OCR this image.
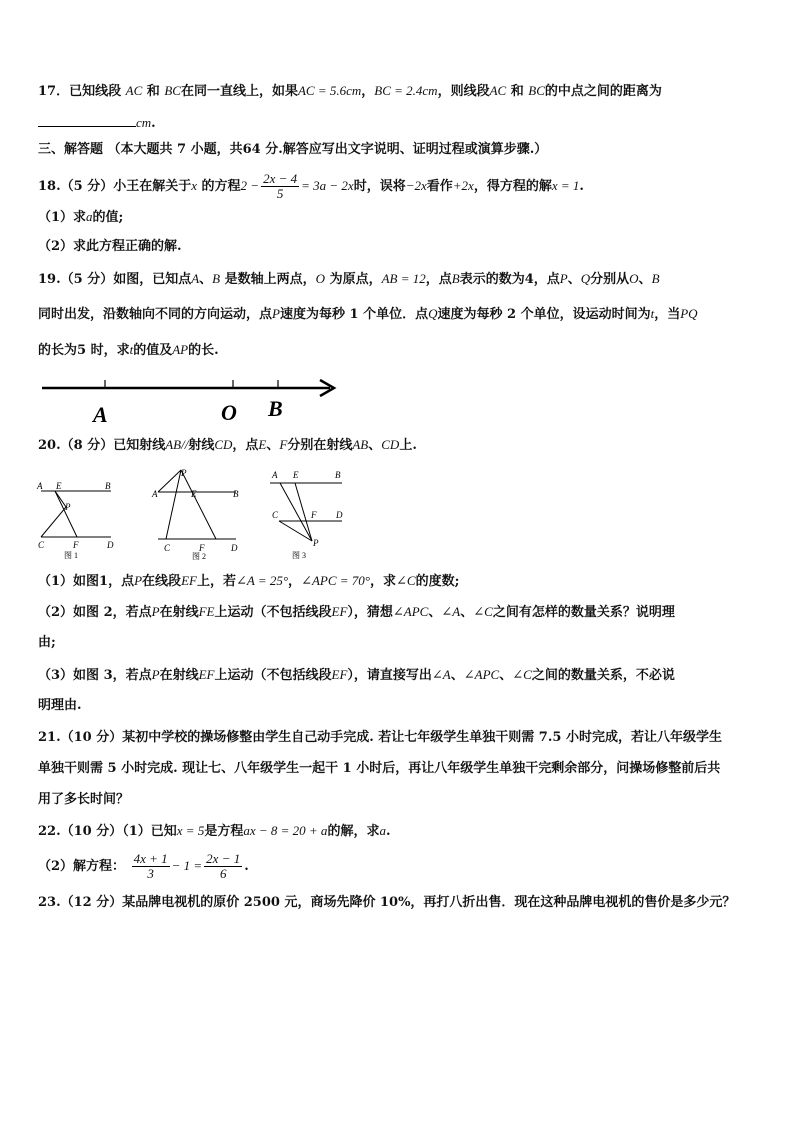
17．已知线段 AC 和 BC在同一直线上，如果AC = 5.6cm，BC = 2.4cm，则线段AC 和 BC的中点之间的距离为
cm.
三、解答题 （本大题共 7 小题，共64 分.解答应写出文字说明、证明过程或演算步骤.）
18.（5 分）小王在解关于x 的方程$2 - \frac{2x - 4}{5} = 3a - 2x$时，误将−2x看作+2x，得方程的解x = 1.
（1）求a的值;
（2）求此方程正确的解.
19.（5 分）如图，已知点A、B 是数轴上两点，O 为原点，AB = 12，点B表示的数为4，点P、Q分别从O、B
同时出发，沿数轴向不同的方向运动，点P速度为每秒 1 个单位．点Q速度为每秒 2 个单位，设运动时间为t，当PQ
的长为5 时，求t的值及AP的长.
A	O B
20.（8 分）已知射线AB//射线CD，点E、F分别在射线AB、CD上.
A E	B
P
C	F	D
图 1
A
P
E	B
C	F	D
图 2
A E	B
C	F D
P
图 3
（1）如图1，点P在线段EF上，若∠A = 25°，∠APC = 70°，求∠C的度数;
（2）如图 2，若点P在射线FE上运动（不包括线段EF），猜想∠APC、∠A、∠C之间有怎样的数量关系？说明理
由;
（3）如图 3，若点P在射线EF上运动（不包括线段EF），请直接写出∠A、∠APC、∠C之间的数量关系，不必说
明理由.
21.（10 分）某初中学校的操场修整由学生自己动手完成. 若让七年级学生单独干则需 7.5 小时完成，若让八年级学生
单独干则需 5 小时完成. 现让七、八年级学生一起干 1 小时后，再让八年级学生单独干完剩余部分，问操场修整前后共
用了多长时间？
22.（10 分）（1）已知x = 5是方程ax − 8 = 20 + a的解，求a.
（2）解方程： $\frac{4x + 1}{3} - 1 = \frac{2x - 1}{6}$ .
23.（12 分）某品牌电视机的原价 2500 元，商场先降价 10%，再打八折出售．现在这种品牌电视机的售价是多少元？
